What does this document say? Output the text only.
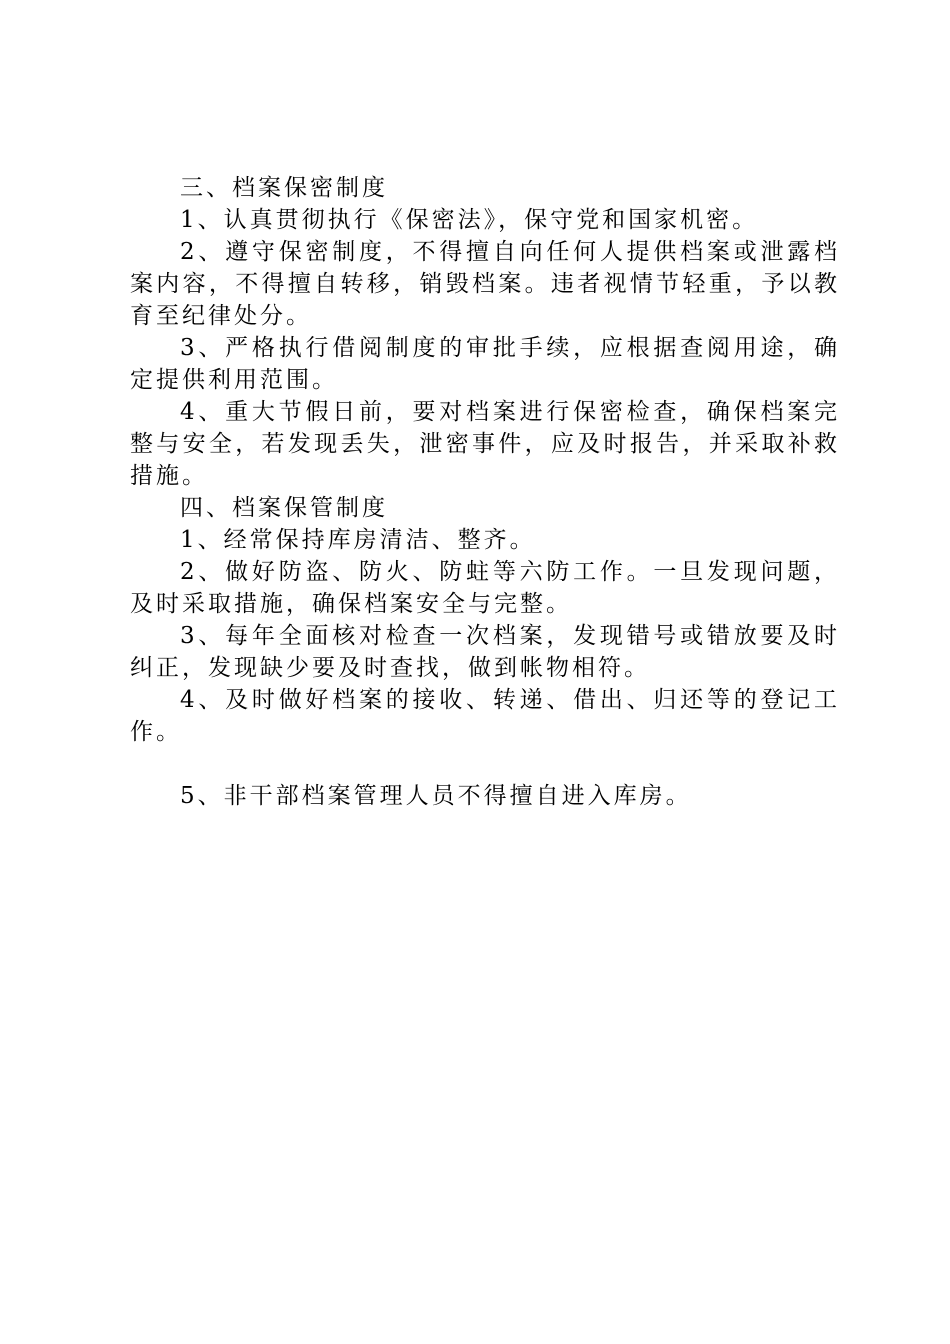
三、档案保密制度

1、认真贯彻执行《保密法》，保守党和国家机密。

2、遵守保密制度，不得擅自向任何人提供档案或泄露档案内容，不得擅自转移，销毁档案。违者视情节轻重，予以教育至纪律处分。

3、严格执行借阅制度的审批手续，应根据查阅用途，确定提供利用范围。

4、重大节假日前，要对档案进行保密检查，确保档案完整与安全，若发现丢失，泄密事件，应及时报告，并采取补救措施。

四、档案保管制度

1、经常保持库房清洁、整齐。

2、做好防盗、防火、防蛀等六防工作。一旦发现问题，及时采取措施，确保档案安全与完整。

3、每年全面核对检查一次档案，发现错号或错放要及时纠正，发现缺少要及时查找，做到帐物相符。

4、及时做好档案的接收、转递、借出、归还等的登记工作。

5、非干部档案管理人员不得擅自进入库房。
